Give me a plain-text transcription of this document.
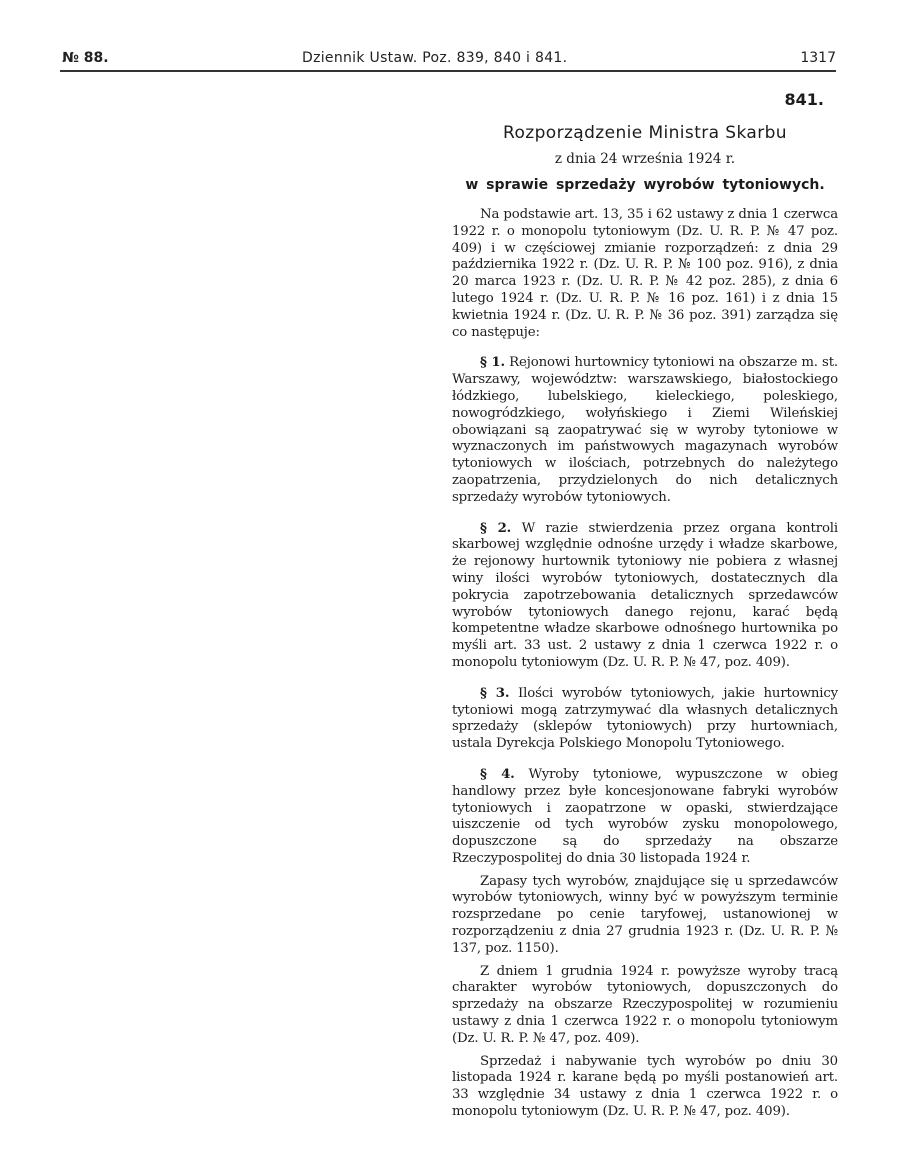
№ 88.	Dziennik Ustaw. Poz. 839, 840 i 841.	1317
841.
Rozporządzenie Ministra Skarbu
z dnia 24 września 1924 r.
w sprawie sprzedaży wyrobów tytoniowych.

Na podstawie art. 13, 35 i 62 ustawy z dnia 1 czerwca 1922 r. o monopolu tytoniowym (Dz. U. R. P. № 47 poz. 409) i w częściowej zmianie rozporządzeń: z dnia 29 października 1922 r. (Dz. U. R. P. № 100 poz. 916), z dnia 20 marca 1923 r. (Dz. U. R. P. № 42 poz. 285), z dnia 6 lutego 1924 r. (Dz. U. R. P. № 16 poz. 161) i z dnia 15 kwietnia 1924 r. (Dz. U. R. P. № 36 poz. 391) zarządza się co następuje:

§ 1. Rejonowi hurtownicy tytoniowi na obszarze m. st. Warszawy, województw: warszawskiego, białostockiego łódzkiego, lubelskiego, kieleckiego, poleskiego, nowogródzkiego, wołyńskiego i Ziemi Wileńskiej obowiązani są zaopatrywać się w wyroby tytoniowe w wyznaczonych im państwowych magazynach wyrobów tytoniowych w ilościach, potrzebnych do należytego zaopatrzenia, przydzielonych do nich detalicznych sprzedaży wyrobów tytoniowych.

§ 2. W razie stwierdzenia przez organa kontroli skarbowej względnie odnośne urzędy i władze skarbowe, że rejonowy hurtownik tytoniowy nie pobiera z własnej winy ilości wyrobów tytoniowych, dostatecznych dla pokrycia zapotrzebowania detalicznych sprzedawców wyrobów tytoniowych danego rejonu, karać będą kompetentne władze skarbowe odnośnego hurtownika po myśli art. 33 ust. 2 ustawy z dnia 1 czerwca 1922 r. o monopolu tytoniowym (Dz. U. R. P. № 47, poz. 409).

§ 3. Ilości wyrobów tytoniowych, jakie hurtownicy tytoniowi mogą zatrzymywać dla własnych detalicznych sprzedaży (sklepów tytoniowych) przy hurtowniach, ustala Dyrekcja Polskiego Monopolu Tytoniowego.

§ 4. Wyroby tytoniowe, wypuszczone w obieg handlowy przez byłe koncesjonowane fabryki wyrobów tytoniowych i zaopatrzone w opaski, stwierdzające uiszczenie od tych wyrobów zysku monopolowego, dopuszczone są do sprzedaży na obszarze Rzeczypospolitej do dnia 30 listopada 1924 r.

Zapasy tych wyrobów, znajdujące się u sprzedawców wyrobów tytoniowych, winny być w powyższym terminie rozsprzedane po cenie taryfowej, ustanowionej w rozporządzeniu z dnia 27 grudnia 1923 r. (Dz. U. R. P. № 137, poz. 1150).

Z dniem 1 grudnia 1924 r. powyższe wyroby tracą charakter wyrobów tytoniowych, dopuszczonych do sprzedaży na obszarze Rzeczypospolitej w rozumieniu ustawy z dnia 1 czerwca 1922 r. o monopolu tytoniowym (Dz. U. R. P. № 47, poz. 409).

Sprzedaż i nabywanie tych wyrobów po dniu 30 listopada 1924 r. karane będą po myśli postanowień art. 33 względnie 34 ustawy z dnia 1 czerwca 1922 r. o monopolu tytoniowym (Dz. U. R. P. № 47, poz. 409).
